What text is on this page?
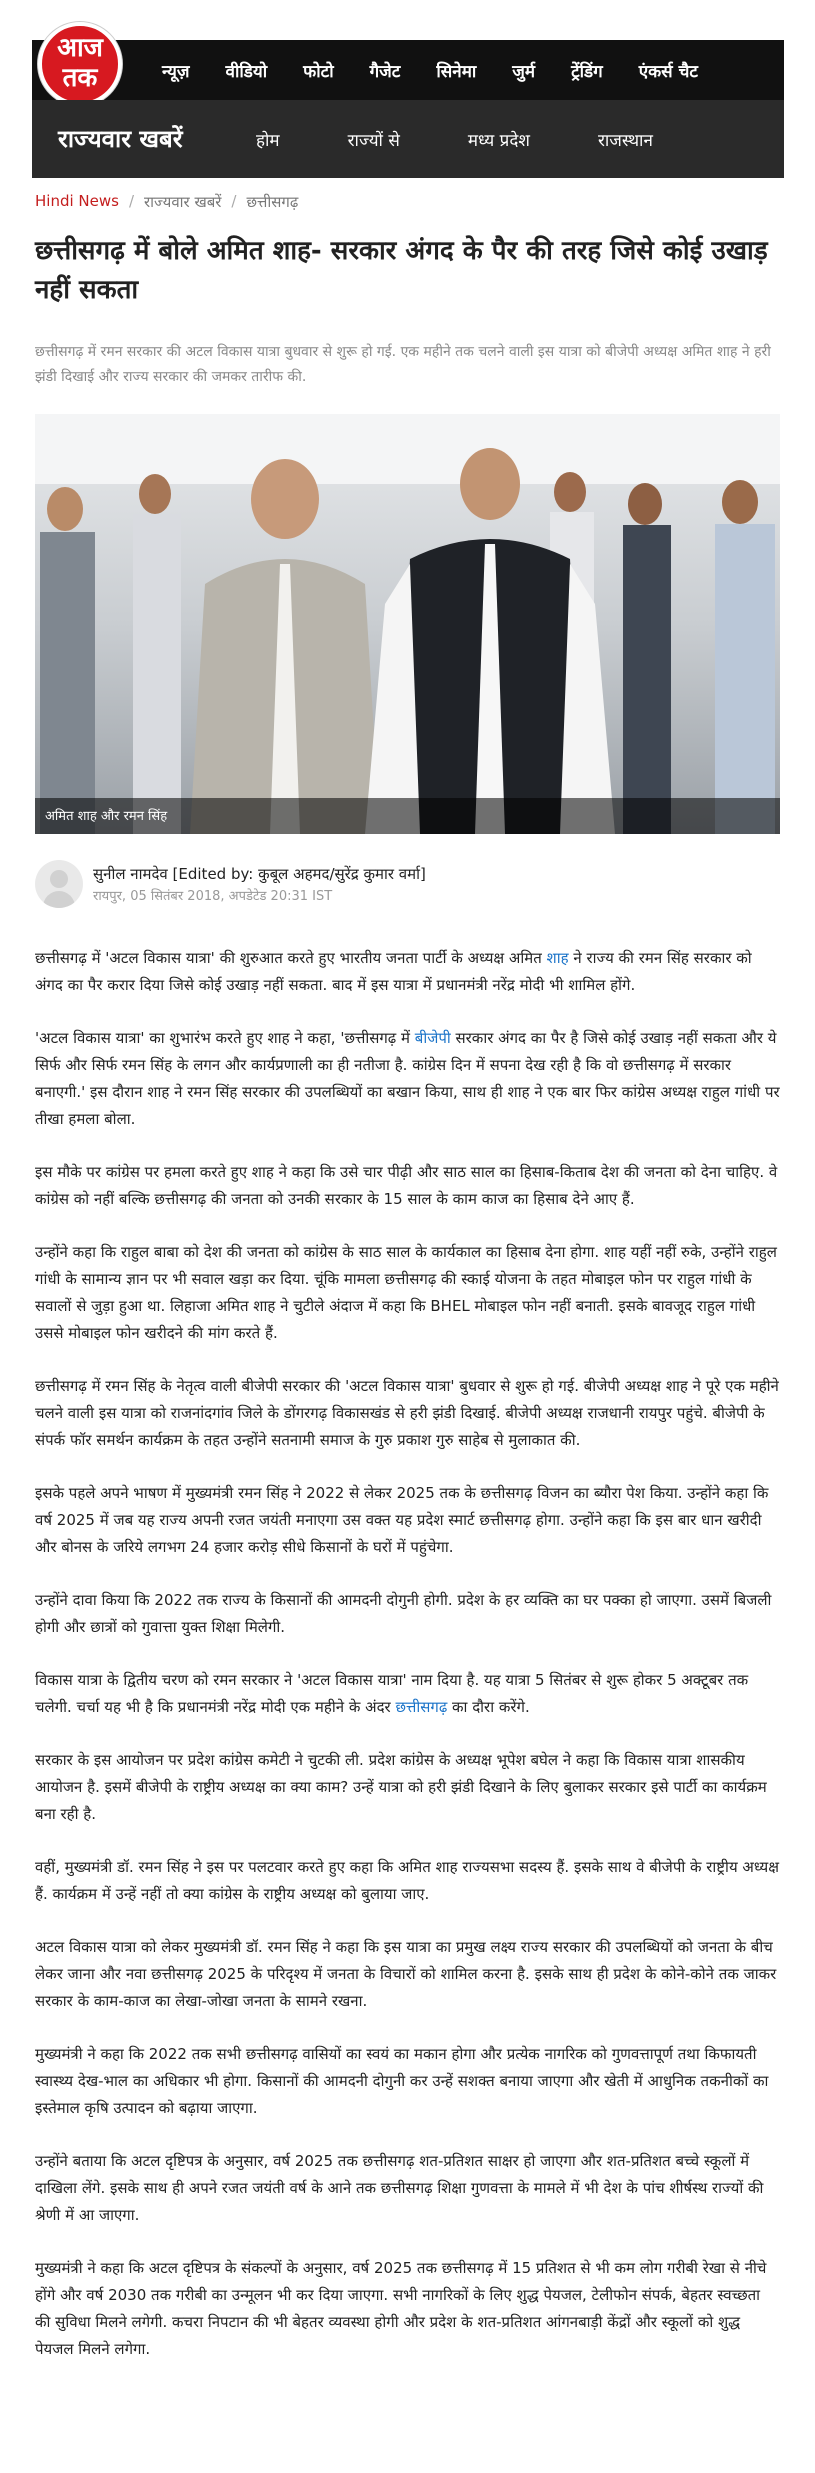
आज
तक	न्यूज़ वीडियो फोटो गैजेट सिनेमा जुर्म ट्रेंडिंग एंकर्स चैट
राज्यवार खबरें	होम	राज्यों से	मध्य प्रदेश	राजस्थान
Hindi News / राज्यवार खबरें / छत्तीसगढ़
छत्तीसगढ़ में बोले अमित शाह- सरकार अंगद के पैर की तरह जिसे कोई उखाड़ नहीं सकता
छत्तीसगढ़ में रमन सरकार की अटल विकास यात्रा बुधवार से शुरू हो गई. एक महीने तक चलने वाली इस यात्रा को बीजेपी अध्यक्ष अमित शाह ने हरी झंडी दिखाई और राज्य सरकार की जमकर तारीफ की.
अमित शाह और रमन सिंह
सुनील नामदेव [Edited by: कुबूल अहमद/सुरेंद्र कुमार वर्मा]
रायपुर, 05 सितंबर 2018, अपडेटेड 20:31 IST

छत्तीसगढ़ में 'अटल विकास यात्रा' की शुरुआत करते हुए भारतीय जनता पार्टी के अध्यक्ष अमित शाह ने राज्य की रमन सिंह सरकार को अंगद का पैर करार दिया जिसे कोई उखाड़ नहीं सकता. बाद में इस यात्रा में प्रधानमंत्री नरेंद्र मोदी भी शामिल होंगे.

'अटल विकास यात्रा' का शुभारंभ करते हुए शाह ने कहा, 'छत्तीसगढ़ में बीजेपी सरकार अंगद का पैर है जिसे कोई उखाड़ नहीं सकता और ये सिर्फ और सिर्फ रमन सिंह के लगन और कार्यप्रणाली का ही नतीजा है. कांग्रेस दिन में सपना देख रही है कि वो छत्तीसगढ़ में सरकार बनाएगी.' इस दौरान शाह ने रमन सिंह सरकार की उपलब्धियों का बखान किया, साथ ही शाह ने एक बार फिर कांग्रेस अध्यक्ष राहुल गांधी पर तीखा हमला बोला.

इस मौके पर कांग्रेस पर हमला करते हुए शाह ने कहा कि उसे चार पीढ़ी और साठ साल का हिसाब-किताब देश की जनता को देना चाहिए. वे कांग्रेस को नहीं बल्कि छत्तीसगढ़ की जनता को उनकी सरकार के 15 साल के काम काज का हिसाब देने आए हैं.

उन्होंने कहा कि राहुल बाबा को देश की जनता को कांग्रेस के साठ साल के कार्यकाल का हिसाब देना होगा. शाह यहीं नहीं रुके, उन्होंने राहुल गांधी के सामान्य ज्ञान पर भी सवाल खड़ा कर दिया. चूंकि मामला छत्तीसगढ़ की स्काई योजना के तहत मोबाइल फोन पर राहुल गांधी के सवालों से जुड़ा हुआ था. लिहाजा अमित शाह ने चुटीले अंदाज में कहा कि BHEL मोबाइल फोन नहीं बनाती. इसके बावजूद राहुल गांधी उससे मोबाइल फोन खरीदने की मांग करते हैं.

छत्तीसगढ़ में रमन सिंह के नेतृत्व वाली बीजेपी सरकार की 'अटल विकास यात्रा' बुधवार से शुरू हो गई. बीजेपी अध्यक्ष शाह ने पूरे एक महीने चलने वाली इस यात्रा को राजनांदगांव जिले के डोंगरगढ़ विकासखंड से हरी झंडी दिखाई. बीजेपी अध्यक्ष राजधानी रायपुर पहुंचे. बीजेपी के संपर्क फॉर समर्थन कार्यक्रम के तहत उन्होंने सतनामी समाज के गुरु प्रकाश गुरु साहेब से मुलाकात की.

इसके पहले अपने भाषण में मुख्यमंत्री रमन सिंह ने 2022 से लेकर 2025 तक के छत्तीसगढ़ विजन का ब्यौरा पेश किया. उन्होंने कहा कि वर्ष 2025 में जब यह राज्य अपनी रजत जयंती मनाएगा उस वक्त यह प्रदेश स्मार्ट छत्तीसगढ़ होगा. उन्होंने कहा कि इस बार धान खरीदी और बोनस के जरिये लगभग 24 हजार करोड़ सीधे किसानों के घरों में पहुंचेगा.

उन्होंने दावा किया कि 2022 तक राज्य के किसानों की आमदनी दोगुनी होगी. प्रदेश के हर व्यक्ति का घर पक्का हो जाएगा. उसमें बिजली होगी और छात्रों को गुवात्ता युक्त शिक्षा मिलेगी.

विकास यात्रा के द्वितीय चरण को रमन सरकार ने 'अटल विकास यात्रा' नाम दिया है. यह यात्रा 5 सितंबर से शुरू होकर 5 अक्टूबर तक चलेगी. चर्चा यह भी है कि प्रधानमंत्री नरेंद्र मोदी एक महीने के अंदर छत्तीसगढ़ का दौरा करेंगे.

सरकार के इस आयोजन पर प्रदेश कांग्रेस कमेटी ने चुटकी ली. प्रदेश कांग्रेस के अध्यक्ष भूपेश बघेल ने कहा कि विकास यात्रा शासकीय आयोजन है. इसमें बीजेपी के राष्ट्रीय अध्यक्ष का क्या काम? उन्हें यात्रा को हरी झंडी दिखाने के लिए बुलाकर सरकार इसे पार्टी का कार्यक्रम बना रही है.

वहीं, मुख्यमंत्री डॉ. रमन सिंह ने इस पर पलटवार करते हुए कहा कि अमित शाह राज्यसभा सदस्य हैं. इसके साथ वे बीजेपी के राष्ट्रीय अध्यक्ष हैं. कार्यक्रम में उन्हें नहीं तो क्या कांग्रेस के राष्ट्रीय अध्यक्ष को बुलाया जाए.

अटल विकास यात्रा को लेकर मुख्यमंत्री डॉ. रमन सिंह ने कहा कि इस यात्रा का प्रमुख लक्ष्य राज्य सरकार की उपलब्धियों को जनता के बीच लेकर जाना और नवा छत्तीसगढ़ 2025 के परिदृश्य में जनता के विचारों को शामिल करना है. इसके साथ ही प्रदेश के कोने-कोने तक जाकर सरकार के काम-काज का लेखा-जोखा जनता के सामने रखना.

मुख्यमंत्री ने कहा कि 2022 तक सभी छत्तीसगढ़ वासियों का स्वयं का मकान होगा और प्रत्येक नागरिक को गुणवत्तापूर्ण तथा किफायती स्वास्थ्य देख-भाल का अधिकार भी होगा. किसानों की आमदनी दोगुनी कर उन्हें सशक्त बनाया जाएगा और खेती में आधुनिक तकनीकों का इस्तेमाल कृषि उत्पादन को बढ़ाया जाएगा.

उन्होंने बताया कि अटल दृष्टिपत्र के अनुसार, वर्ष 2025 तक छत्तीसगढ़ शत-प्रतिशत साक्षर हो जाएगा और शत-प्रतिशत बच्चे स्कूलों में दाखिला लेंगे. इसके साथ ही अपने रजत जयंती वर्ष के आने तक छत्तीसगढ़ शिक्षा गुणवत्ता के मामले में भी देश के पांच शीर्षस्थ राज्यों की श्रेणी में आ जाएगा.

मुख्यमंत्री ने कहा कि अटल दृष्टिपत्र के संकल्पों के अनुसार, वर्ष 2025 तक छत्तीसगढ़ में 15 प्रतिशत से भी कम लोग गरीबी रेखा से नीचे होंगे और वर्ष 2030 तक गरीबी का उन्मूलन भी कर दिया जाएगा. सभी नागरिकों के लिए शुद्ध पेयजल, टेलीफोन संपर्क, बेहतर स्वच्छता की सुविधा मिलने लगेगी. कचरा निपटान की भी बेहतर व्यवस्था होगी और प्रदेश के शत-प्रतिशत आंगनबाड़ी केंद्रों और स्कूलों को शुद्ध पेयजल मिलने लगेगा.
